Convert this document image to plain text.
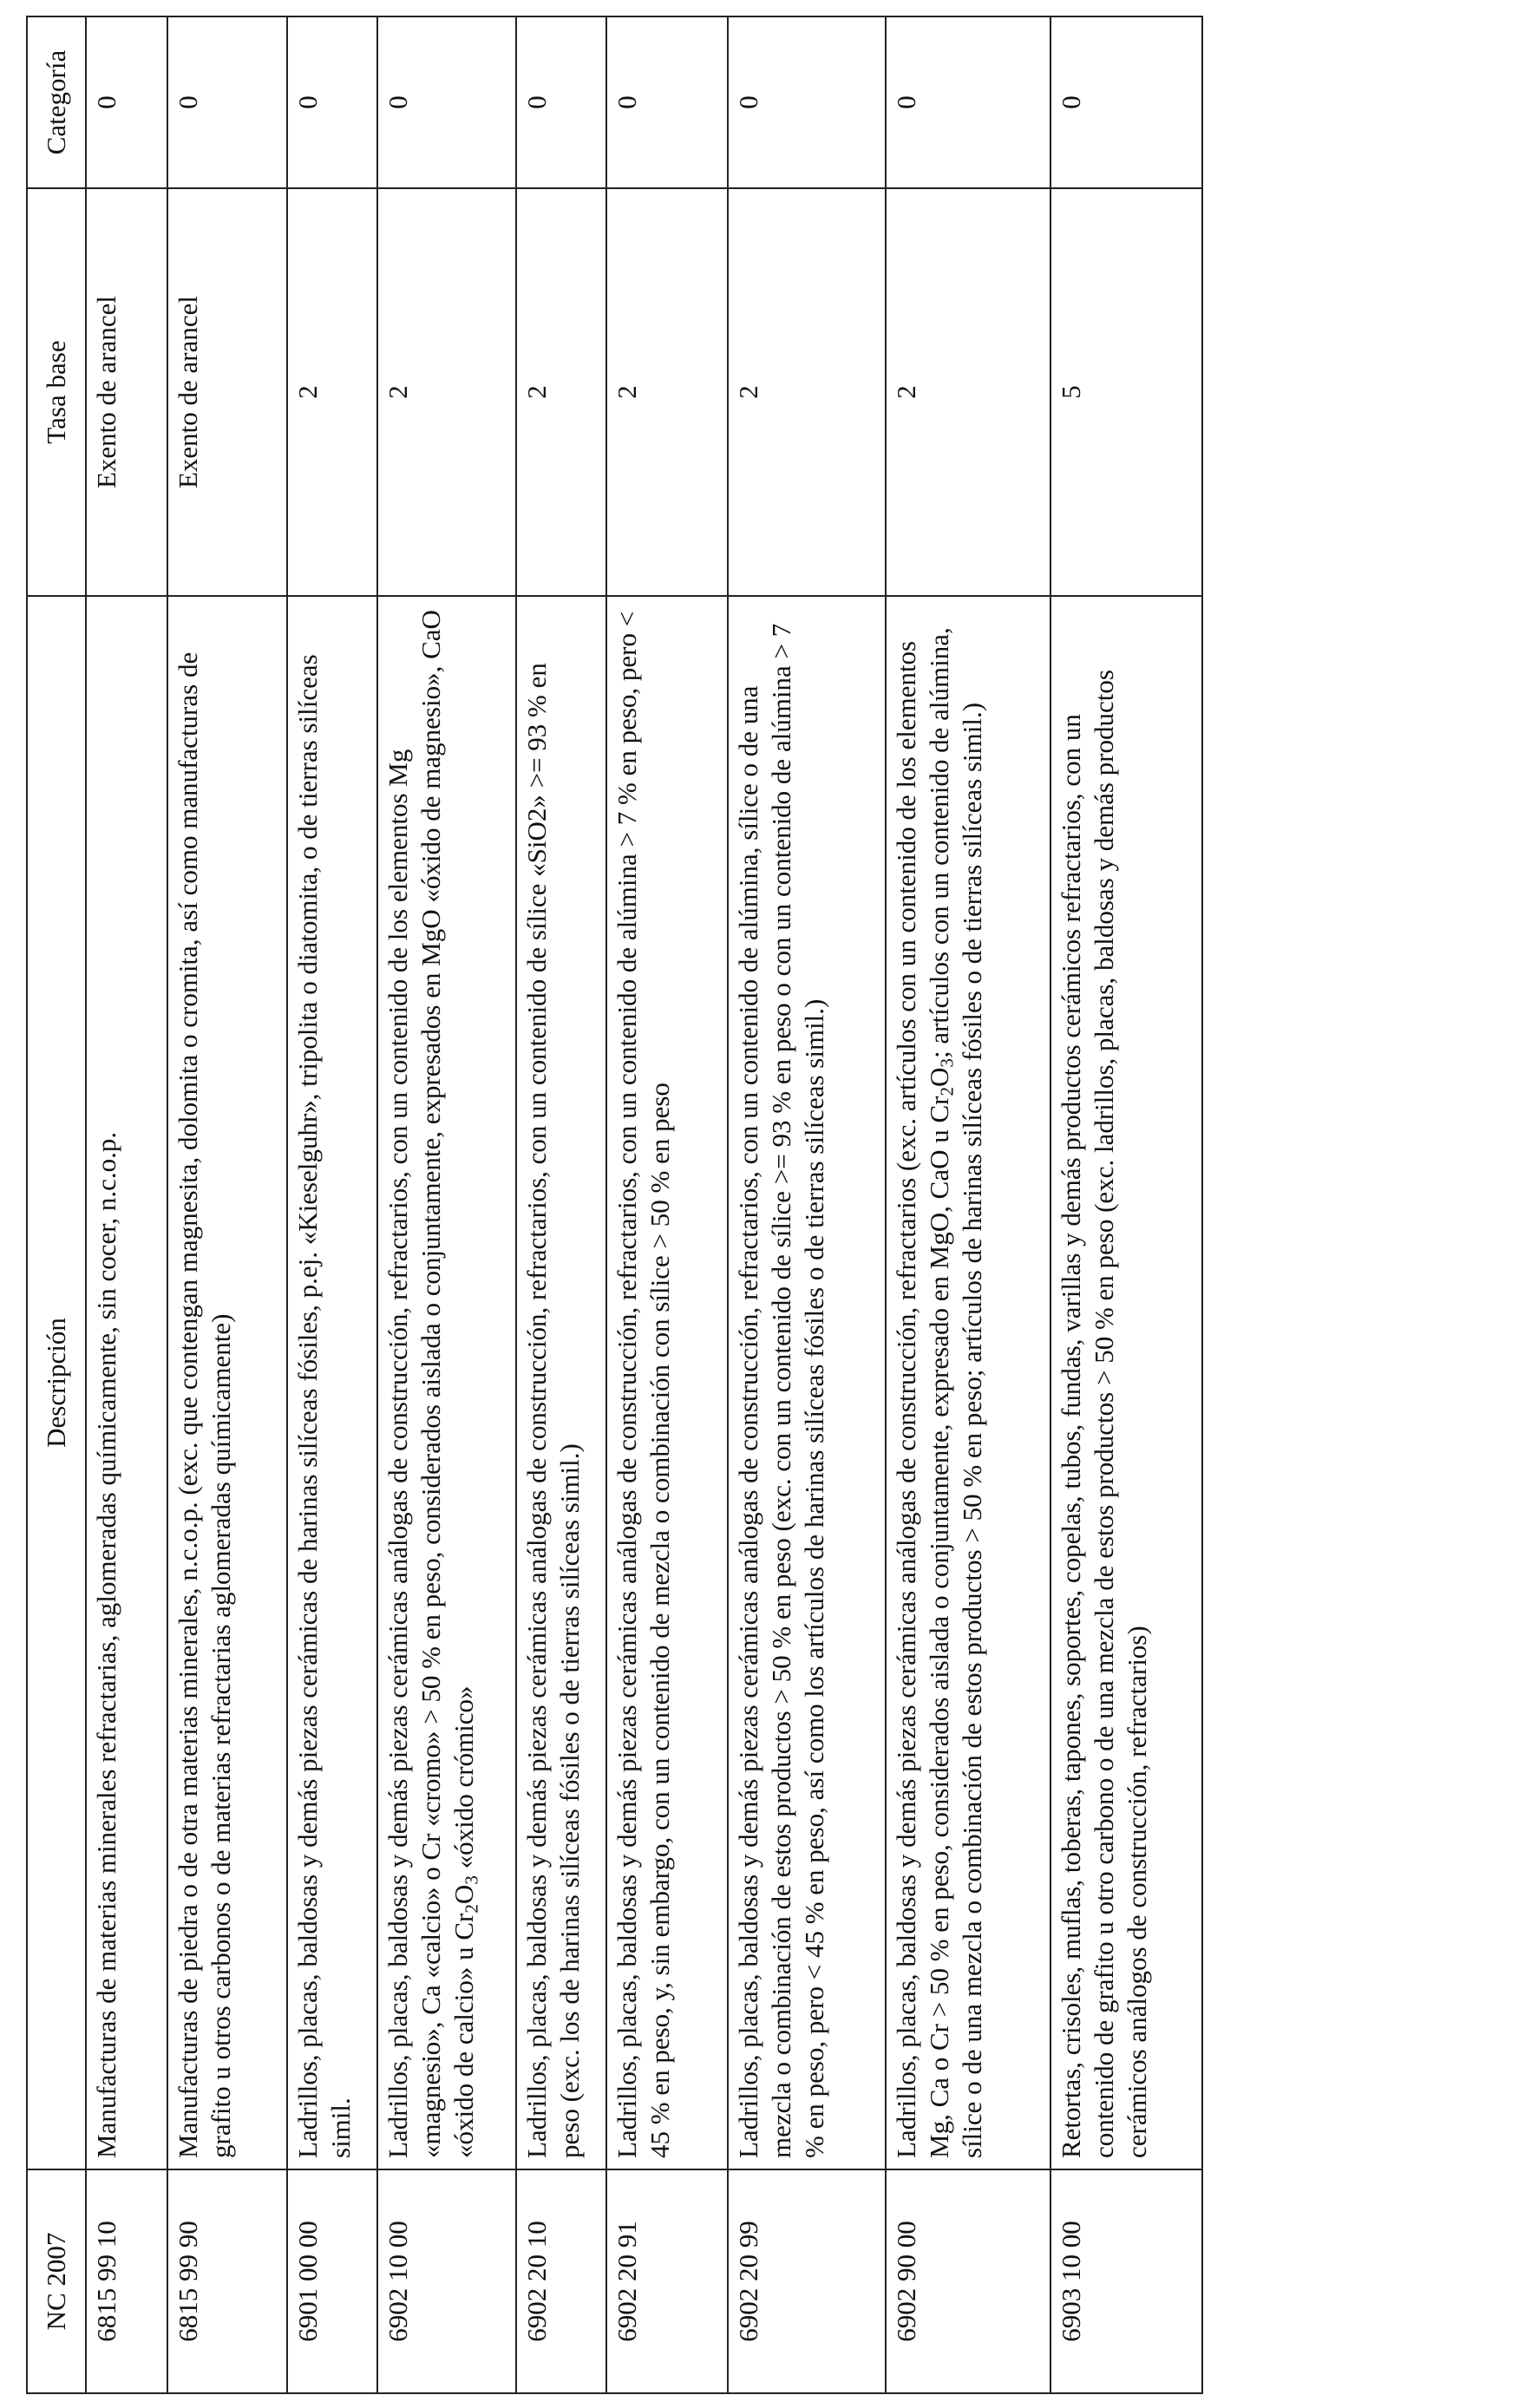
NC 2007	Descripción	Tasa base	Categoría
6815 99 10	Manufacturas de materias minerales refractarias, aglomeradas químicamente, sin cocer, n.c.o.p.	Exento de arancel	0
6815 99 90	Manufacturas de piedra o de otra materias minerales, n.c.o.p. (exc. que contengan magnesita, dolomita o cromita, así como manufacturas de grafito u otros carbonos o de materias refractarias aglomeradas químicamente)	Exento de arancel	0
6901 00 00	Ladrillos, placas, baldosas y demás piezas cerámicas de harinas silíceas fósiles, p.ej. «Kieselguhr», tripolita o diatomita, o de tierras silíceas simil.	2	0
6902 10 00	Ladrillos, placas, baldosas y demás piezas cerámicas análogas de construcción, refractarios, con un contenido de los elementos Mg «magnesio», Ca «calcio» o Cr «cromo» > 50 % en peso, considerados aislada o conjuntamente, expresados en MgO «óxido de magnesio», CaO «óxido de calcio» u $Cr_2O_3$ «óxido crómico»	2	0
6902 20 10	Ladrillos, placas, baldosas y demás piezas cerámicas análogas de construcción, refractarios, con un contenido de sílice «SiO2» >= 93 % en peso (exc. los de harinas silíceas fósiles o de tierras silíceas simil.)	2	0
6902 20 91	Ladrillos, placas, baldosas y demás piezas cerámicas análogas de construcción, refractarios, con un contenido de alúmina > 7 % en peso, pero < 45 % en peso, y, sin embargo, con un contenido de mezcla o combinación con sílice > 50 % en peso	2	0
6902 20 99	Ladrillos, placas, baldosas y demás piezas cerámicas análogas de construcción, refractarios, con un contenido de alúmina, sílice o de una mezcla o combinación de estos productos > 50 % en peso (exc. con un contenido de sílice >= 93 % en peso o con un contenido de alúmina > 7 % en peso, pero < 45 % en peso, así como los artículos de harinas silíceas fósiles o de tierras silíceas simil.)	2	0
6902 90 00	Ladrillos, placas, baldosas y demás piezas cerámicas análogas de construcción, refractarios (exc. artículos con un contenido de los elementos Mg, Ca o Cr > 50 % en peso, considerados aislada o conjuntamente, expresado en MgO, CaO u $Cr_2O_3$; artículos con un contenido de alúmina, sílice o de una mezcla o combinación de estos productos > 50 % en peso; artículos de harinas silíceas fósiles o de tierras silíceas simil.)	2	0
6903 10 00	Retortas, crisoles, muflas, toberas, tapones, soportes, copelas, tubos, fundas, varillas y demás productos cerámicos refractarios, con un contenido de grafito u otro carbono o de una mezcla de estos productos > 50 % en peso (exc. ladrillos, placas, baldosas y demás productos cerámicos análogos de construcción, refractarios)	5	0
